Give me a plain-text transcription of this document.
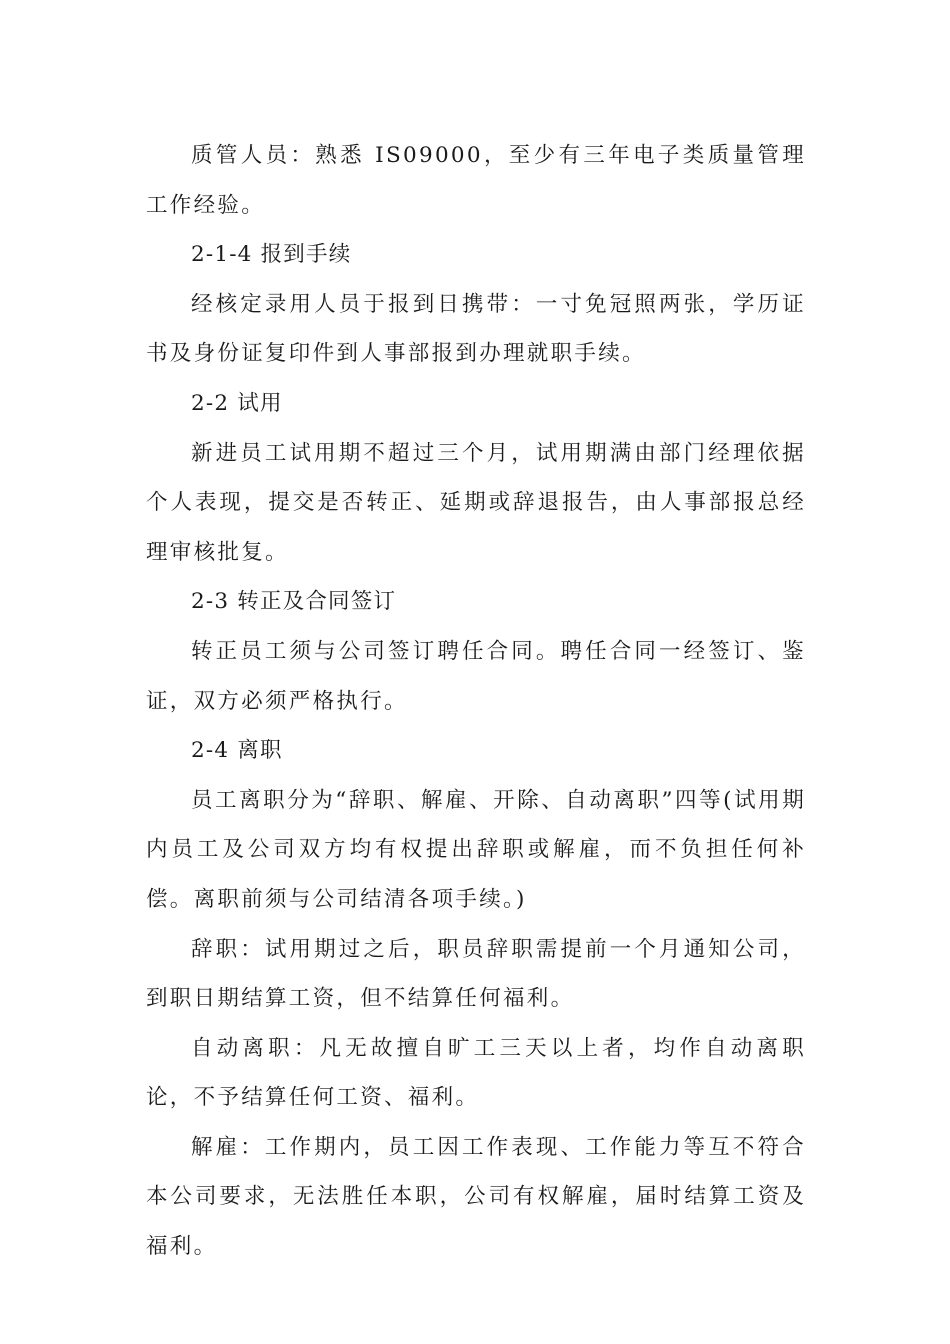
质管人员：熟悉 IS09000，至少有三年电子类质量管理工作经验。

2-1-4 报到手续

经核定录用人员于报到日携带：一寸免冠照两张，学历证书及身份证复印件到人事部报到办理就职手续。

2-2 试用

新进员工试用期不超过三个月，试用期满由部门经理依据个人表现，提交是否转正、延期或辞退报告，由人事部报总经理审核批复。

2-3 转正及合同签订

转正员工须与公司签订聘任合同。聘任合同一经签订、鉴证，双方必须严格执行。

2-4 离职

员工离职分为“辞职、解雇、开除、自动离职”四等(试用期内员工及公司双方均有权提出辞职或解雇，而不负担任何补偿。离职前须与公司结清各项手续。)

辞职：试用期过之后，职员辞职需提前一个月通知公司，到职日期结算工资，但不结算任何福利。

自动离职：凡无故擅自旷工三天以上者，均作自动离职论，不予结算任何工资、福利。

解雇：工作期内，员工因工作表现、工作能力等互不符合本公司要求，无法胜任本职，公司有权解雇，届时结算工资及福利。
